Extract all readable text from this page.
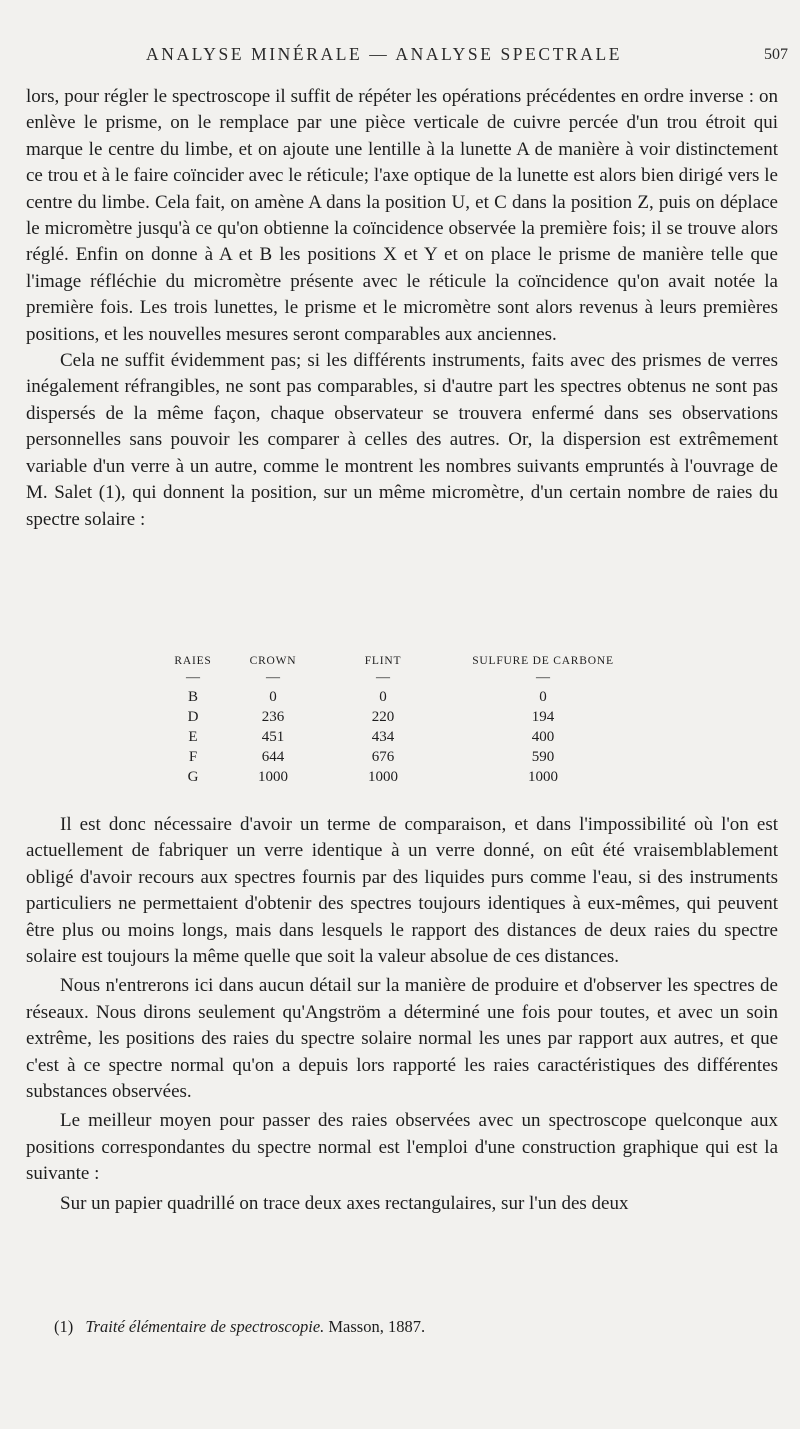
ANALYSE MINÉRALE — ANALYSE SPECTRALE	507

lors, pour régler le spectroscope il suffit de répéter les opérations précédentes en ordre inverse : on enlève le prisme, on le remplace par une pièce verticale de cuivre percée d'un trou étroit qui marque le centre du limbe, et on ajoute une lentille à la lunette A de manière à voir distinctement ce trou et à le faire coïncider avec le réticule; l'axe optique de la lunette est alors bien dirigé vers le centre du limbe. Cela fait, on amène A dans la position U, et C dans la position Z, puis on déplace le micromètre jusqu'à ce qu'on obtienne la coïncidence observée la première fois; il se trouve alors réglé. Enfin on donne à A et B les positions X et Y et on place le prisme de manière telle que l'image réfléchie du micromètre présente avec le réticule la coïncidence qu'on avait notée la première fois. Les trois lunettes, le prisme et le micromètre sont alors revenus à leurs premières positions, et les nouvelles mesures seront comparables aux anciennes.

Cela ne suffit évidemment pas; si les différents instruments, faits avec des prismes de verres inégalement réfrangibles, ne sont pas comparables, si d'autre part les spectres obtenus ne sont pas dispersés de la même façon, chaque observateur se trouvera enfermé dans ses observations personnelles sans pouvoir les comparer à celles des autres. Or, la dispersion est extrêmement variable d'un verre à un autre, comme le montrent les nombres suivants empruntés à l'ouvrage de M. Salet (1), qui donnent la position, sur un même micromètre, d'un certain nombre de raies du spectre solaire :

RAIES	CROWN	FLINT	SULFURE DE CARBONE
—	—	—	—
B	0	0	0
D	236	220	194
E	451	434	400
F	644	676	590
G	1000	1000	1000

Il est donc nécessaire d'avoir un terme de comparaison, et dans l'impossibilité où l'on est actuellement de fabriquer un verre identique à un verre donné, on eût été vraisemblablement obligé d'avoir recours aux spectres fournis par des liquides purs comme l'eau, si des instruments particuliers ne permettaient d'obtenir des spectres toujours identiques à eux-mêmes, qui peuvent être plus ou moins longs, mais dans lesquels le rapport des distances de deux raies du spectre solaire est toujours la même quelle que soit la valeur absolue de ces distances.

Nous n'entrerons ici dans aucun détail sur la manière de produire et d'observer les spectres de réseaux. Nous dirons seulement qu'Angström a déterminé une fois pour toutes, et avec un soin extrême, les positions des raies du spectre solaire normal les unes par rapport aux autres, et que c'est à ce spectre normal qu'on a depuis lors rapporté les raies caractéristiques des différentes substances observées.

Le meilleur moyen pour passer des raies observées avec un spectroscope quelconque aux positions correspondantes du spectre normal est l'emploi d'une construction graphique qui est la suivante :

Sur un papier quadrillé on trace deux axes rectangulaires, sur l'un des deux

(1) Traité élémentaire de spectroscopie. Masson, 1887.
